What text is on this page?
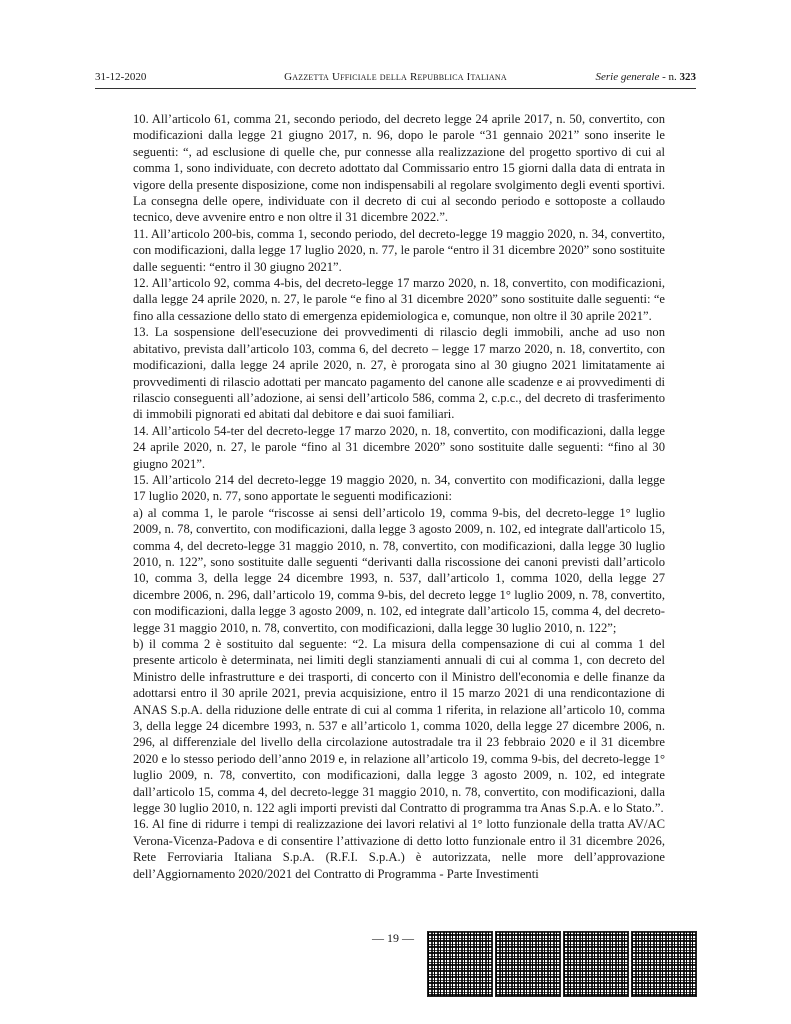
31-12-2020	Gazzetta Ufficiale della Repubblica Italiana	Serie generale - n. 323

10. All’articolo 61, comma 21, secondo periodo, del decreto legge 24 aprile 2017, n. 50, convertito, con modificazioni dalla legge 21 giugno 2017, n. 96, dopo le parole “31 gennaio 2021” sono inserite le seguenti: “, ad esclusione di quelle che, pur connesse alla realizzazione del progetto sportivo di cui al comma 1, sono individuate, con decreto adottato dal Commissario entro 15 giorni dalla data di entrata in vigore della presente disposizione, come non indispensabili al regolare svolgimento degli eventi sportivi. La consegna delle opere, individuate con il decreto di cui al secondo periodo e sottoposte a collaudo tecnico, deve avvenire entro e non oltre il 31 dicembre 2022.”.

11. All’articolo 200-bis, comma 1, secondo periodo, del decreto-legge 19 maggio 2020, n. 34, convertito, con modificazioni, dalla legge 17 luglio 2020, n. 77, le parole “entro il 31 dicembre 2020” sono sostituite dalle seguenti: “entro il 30 giugno 2021”.

12. All’articolo 92, comma 4-bis, del decreto-legge 17 marzo 2020, n. 18, convertito, con modificazioni, dalla legge 24 aprile 2020, n. 27, le parole “e fino al 31 dicembre 2020” sono sostituite dalle seguenti: “e fino alla cessazione dello stato di emergenza epidemiologica e, comunque, non oltre il 30 aprile 2021”.

13. La sospensione dell'esecuzione dei provvedimenti di rilascio degli immobili, anche ad uso non abitativo, prevista dall’articolo 103, comma 6, del decreto – legge 17 marzo 2020, n. 18, convertito, con modificazioni, dalla legge 24 aprile 2020, n. 27, è prorogata sino al 30 giugno 2021 limitatamente ai provvedimenti di rilascio adottati per mancato pagamento del canone alle scadenze e ai provvedimenti di rilascio conseguenti all’adozione, ai sensi dell’articolo 586, comma 2, c.p.c., del decreto di trasferimento di immobili pignorati ed abitati dal debitore e dai suoi familiari.

14. All’articolo 54-ter del decreto-legge 17 marzo 2020, n. 18, convertito, con modificazioni, dalla legge 24 aprile 2020, n. 27, le parole “fino al 31 dicembre 2020” sono sostituite dalle seguenti: “fino al 30 giugno 2021”.

15. All’articolo 214 del decreto-legge 19 maggio 2020, n. 34, convertito con modificazioni, dalla legge 17 luglio 2020, n. 77, sono apportate le seguenti modificazioni:

a) al comma 1, le parole “riscosse ai sensi dell’articolo 19, comma 9-bis, del decreto-legge 1° luglio 2009, n. 78, convertito, con modificazioni, dalla legge 3 agosto 2009, n. 102, ed integrate dall'articolo 15, comma 4, del decreto-legge 31 maggio 2010, n. 78, convertito, con modificazioni, dalla legge 30 luglio 2010, n. 122”, sono sostituite dalle seguenti “derivanti dalla riscossione dei canoni previsti dall’articolo 10, comma 3, della legge 24 dicembre 1993, n. 537, dall’articolo 1, comma 1020, della legge 27 dicembre 2006, n. 296, dall’articolo 19, comma 9-bis, del decreto legge 1° luglio 2009, n. 78, convertito, con modificazioni, dalla legge 3 agosto 2009, n. 102, ed integrate dall’articolo 15, comma 4, del decreto-legge 31 maggio 2010, n. 78, convertito, con modificazioni, dalla legge 30 luglio 2010, n. 122”;

b) il comma 2 è sostituito dal seguente: “2. La misura della compensazione di cui al comma 1 del presente articolo è determinata, nei limiti degli stanziamenti annuali di cui al comma 1, con decreto del Ministro delle infrastrutture e dei trasporti, di concerto con il Ministro dell'economia e delle finanze da adottarsi entro il 30 aprile 2021, previa acquisizione, entro il 15 marzo 2021 di una rendicontazione di ANAS S.p.A. della riduzione delle entrate di cui al comma 1 riferita, in relazione all’articolo 10, comma 3, della legge 24 dicembre 1993, n. 537 e all’articolo 1, comma 1020, della legge 27 dicembre 2006, n. 296, al differenziale del livello della circolazione autostradale tra il 23 febbraio 2020 e il 31 dicembre 2020 e lo stesso periodo dell’anno 2019 e, in relazione all’articolo 19, comma 9-bis, del decreto-legge 1° luglio 2009, n. 78, convertito, con modificazioni, dalla legge 3 agosto 2009, n. 102, ed integrate dall’articolo 15, comma 4, del decreto-legge 31 maggio 2010, n. 78, convertito, con modificazioni, dalla legge 30 luglio 2010, n. 122 agli importi previsti dal Contratto di programma tra Anas S.p.A. e lo Stato.”.

16. Al fine di ridurre i tempi di realizzazione dei lavori relativi al 1° lotto funzionale della tratta AV/AC Verona-Vicenza-Padova e di consentire l’attivazione di detto lotto funzionale entro il 31 dicembre 2026, Rete Ferroviaria Italiana S.p.A. (R.F.I. S.p.A.) è autorizzata, nelle more dell’approvazione dell’Aggiornamento 2020/2021 del Contratto di Programma - Parte Investimenti

— 19 —
